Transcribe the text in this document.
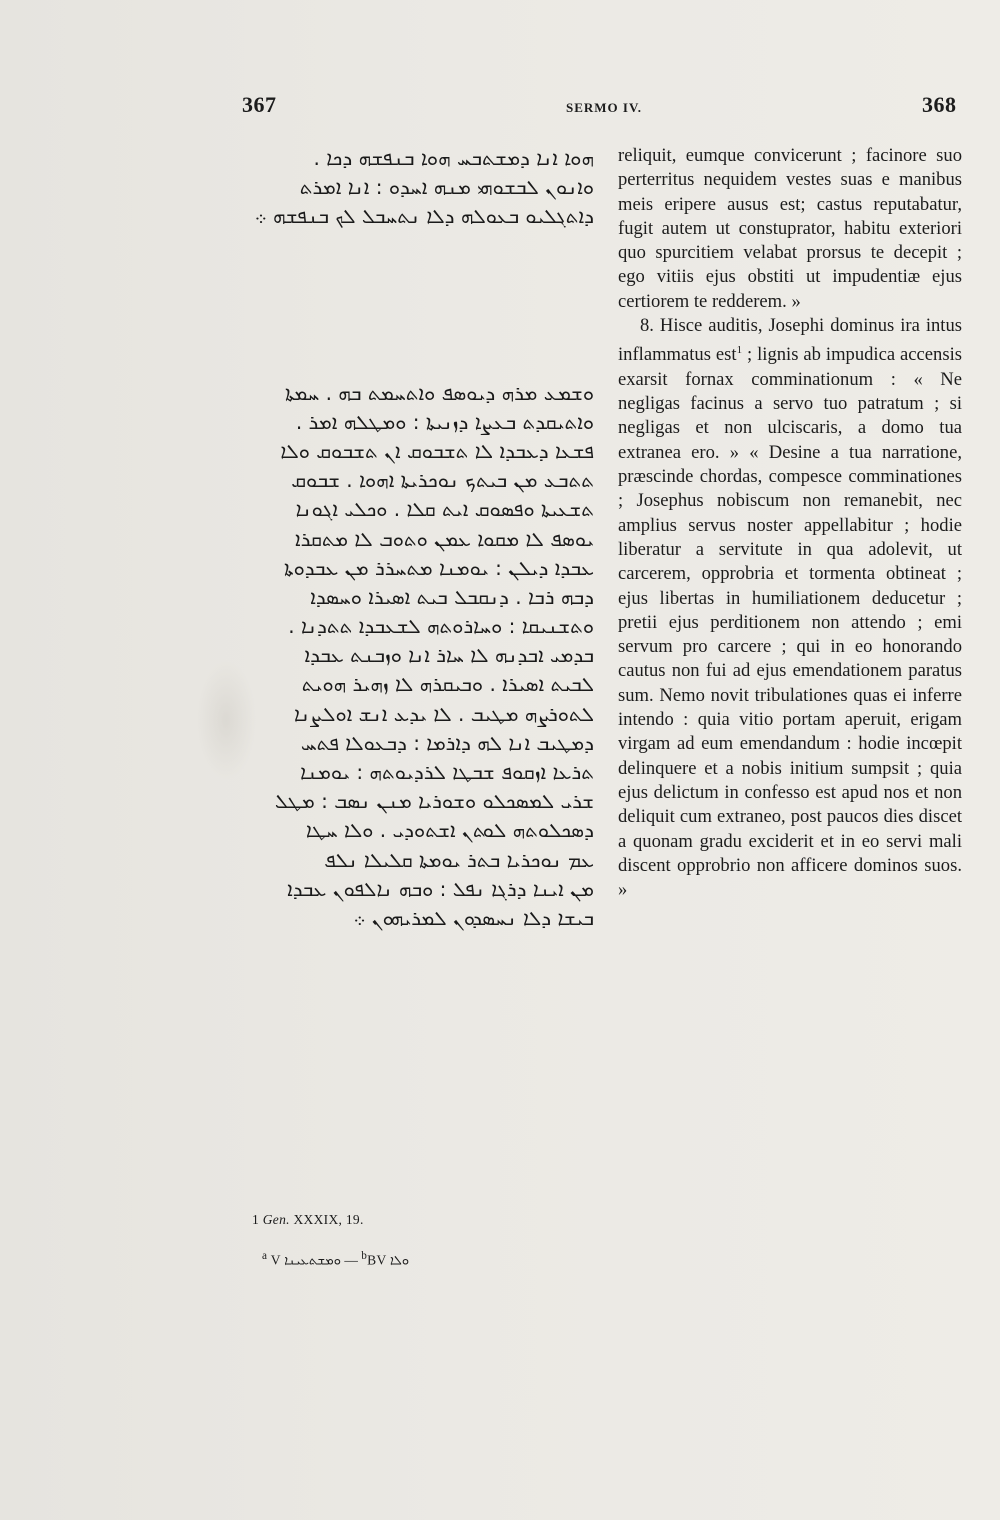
367	SERMO IV.	368
ܗܘܐ ܐܢܐ ܕܡܫܬܒܚ ܗܘܐ ܒܢܦܫܗ ܕܟܐ .
ܘܐܢܘܢ ܠܒܫܘܗܝ ܡܢܗ ܐܚܕܘ : ܐܢܐ ܐܡܪܬ
ܕܐܬܓܠܝܘ ܒܥܘܠܗ ܕܠܐ ܢܬܚܒܠ ܠܟ ܒܢܦܫܗ ܀
ܘܫܡܥ ܡܪܗ ܕܝܘܣܦ ܘܐܬܚܡܬ ܒܗ . ܚܡܬܐ
ܘܐܬܝܩܕܬ ܒܥܨܐ ܕܙܢܝܬܐ : ܘܡܛܠܗ ܐܡܪ .
ܦܫܥܐ ܕܥܒܕܐ ܠܐ ܬܫܒܘܩ ܐܢ ܬܫܒܘܩ ܘܠܐ
ܬܬܒܥ ܡܢ ܒܝܬܟ ܢܘܟܪܝܬܐ ܐܗܘܐ . ܫܒܘܩ
ܬܫܥܝܬܐ ܘܦܣܘܩ ܐܝܬ ܩܠܐ . ܘܟܠܝ ܐܓܘܢܐ
ܝܘܣܦ ܠܐ ܡܩܘܐ ܥܡܢ ܘܬܘܒ ܠܐ ܡܬܩܪܐ
ܥܒܕܐ ܕܝܠܢ : ܝܘܡܢܐ ܡܬܚܪܪ ܡܢ ܥܒܕܘܬܐ
ܕܒܗ ܪܒܐ . ܕܢܩܒܠ ܒܝܬ ܐܣܝܪܐ ܘܚܣܕܐ
ܘܬܫܢܝܩܐ : ܘܚܐܪܘܬܗ ܠܫܥܒܕܐ ܬܬܕܢܐ .
ܒܕܡܝ ܐܒܕܢܗ ܠܐ ܚܐܪ ܐܢܐ ܘܙܒܢܬ ܥܒܕܐ
ܠܒܝܬ ܐܣܝܪܐ . ܘܒܝܩܪܗ ܠܐ ܙܗܝܪ ܗܘܝܬ
ܠܬܘܪܨܗ ܡܛܝܒ . ܠܐ ܝܕܥ ܐܢܫ ܐܘܠܨܢܐ
ܕܡܛܝܒ ܐܢܐ ܠܗ ܕܐܪܡܐ : ܕܒܥܘܠܐ ܦܬܚ
ܬܪܥܐ ܐܙܩܘܦ ܫܒܛܐ ܠܪܕܝܘܬܗ : ܝܘܡܢܐ
ܫܪܝ ܠܡܣܟܠܘ ܘܫܘܪܝܐ ܡܢܢ ܢܣܒ : ܡܛܠ
ܕܣܟܠܘܬܗ ܠܘܬܢ ܐܫܬܘܕܝ . ܘܠܐ ܚܛܐ
ܥܡ ܢܘܟܪܝܐ ܒܬܪ ܝܘܡܬܐ ܩܠܝܠܐ ܢܠܦ
ܡܢ ܐܝܢܐ ܕܪܓܐ ܢܦܠ : ܘܒܗ ܢܐܠܦܘܢ ܥܒܕܐ
ܒܝܫܐ ܕܠܐ ܢܚܣܕܘܢ ܠܡܪܝܗܘܢ ܀

reliquit, eumque convicerunt ; facinore suo perterritus nequidem vestes suas e manibus meis eripere ausus est; castus reputabatur, fugit autem ut constuprator, habitu exteriori quo spurcitiem velabat prorsus te decepit ; ego vitiis ejus obstiti ut impudentiæ ejus certiorem te redderem. »

8. Hisce auditis, Josephi dominus ira intus inflammatus est$^1$ ; lignis ab impudica accensis exarsit fornax comminationum : « Ne negligas facinus a servo tuo patratum ; si negligas et non ulciscaris, a domo tua extranea ero. » « Desine a tua narratione, præscinde chordas, compesce comminationes ; Josephus nobiscum non remanebit, nec amplius servus noster appellabitur ; hodie liberatur a servitute in qua adolevit, ut carcerem, opprobria et tormenta obtineat ; ejus libertas in humiliationem deducetur ; pretii ejus perditionem non attendo ; emi servum pro carcere ; qui in eo honorando cautus non fui ad ejus emendationem paratus sum. Nemo novit tribulationes quas ei inferre intendo : quia vitio portam aperuit, erigam virgam ad eum emendandum : hodie incœpit delinquere et a nobis initium sumpsit ; quia ejus delictum in confesso est apud nos et non deliquit cum extraneo, post paucos dies discet a quonam gradu exciderit et in eo servi mali discent opprobrio non afficere dominos suos. »

1 Gen. XXXIX, 19.
$^a$ V ܘܡܫܬܥܝܢܐ — $^b$BV ܘܠܐ
